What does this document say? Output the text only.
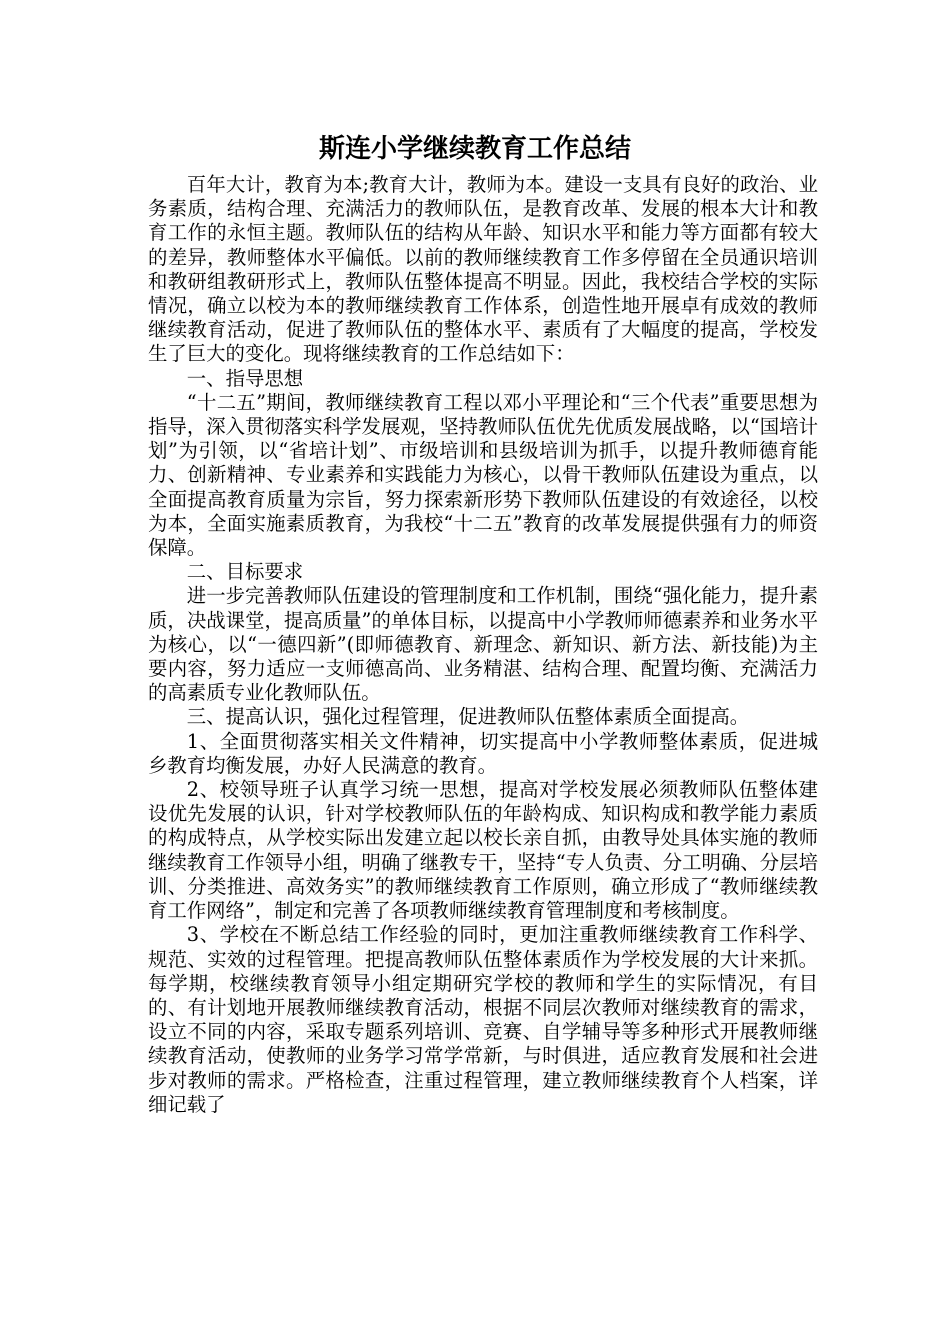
斯连小学继续教育工作总结

百年大计，教育为本;教育大计，教师为本。建设一支具有良好的政治、业务素质，结构合理、充满活力的教师队伍，是教育改革、发展的根本大计和教育工作的永恒主题。教师队伍的结构从年龄、知识水平和能力等方面都有较大的差异，教师整体水平偏低。以前的教师继续教育工作多停留在全员通识培训和教研组教研形式上，教师队伍整体提高不明显。因此，我校结合学校的实际情况，确立以校为本的教师继续教育工作体系，创造性地开展卓有成效的教师继续教育活动，促进了教师队伍的整体水平、素质有了大幅度的提高，学校发生了巨大的变化。现将继续教育的工作总结如下：

一、指导思想

“十二五”期间，教师继续教育工程以邓小平理论和“三个代表”重要思想为指导，深入贯彻落实科学发展观，坚持教师队伍优先优质发展战略，以“国培计划”为引领，以“省培计划”、市级培训和县级培训为抓手，以提升教师德育能力、创新精神、专业素养和实践能力为核心，以骨干教师队伍建设为重点，以全面提高教育质量为宗旨，努力探索新形势下教师队伍建设的有效途径，以校为本，全面实施素质教育，为我校“十二五”教育的改革发展提供强有力的师资保障。

二、目标要求

进一步完善教师队伍建设的管理制度和工作机制，围绕“强化能力，提升素质，决战课堂，提高质量”的单体目标，以提高中小学教师师德素养和业务水平为核心，以“一德四新”(即师德教育、新理念、新知识、新方法、新技能)为主要内容，努力适应一支师德高尚、业务精湛、结构合理、配置均衡、充满活力的高素质专业化教师队伍。

三、提高认识，强化过程管理，促进教师队伍整体素质全面提高。

1、全面贯彻落实相关文件精神，切实提高中小学教师整体素质，促进城乡教育均衡发展，办好人民满意的教育。

2、校领导班子认真学习统一思想，提高对学校发展必须教师队伍整体建设优先发展的认识，针对学校教师队伍的年龄构成、知识构成和教学能力素质的构成特点，从学校实际出发建立起以校长亲自抓，由教导处具体实施的教师继续教育工作领导小组，明确了继教专干，坚持“专人负责、分工明确、分层培训、分类推进、高效务实”的教师继续教育工作原则，确立形成了“教师继续教育工作网络”，制定和完善了各项教师继续教育管理制度和考核制度。

3、学校在不断总结工作经验的同时，更加注重教师继续教育工作科学、规范、实效的过程管理。把提高教师队伍整体素质作为学校发展的大计来抓。每学期，校继续教育领导小组定期研究学校的教师和学生的实际情况，有目的、有计划地开展教师继续教育活动，根据不同层次教师对继续教育的需求，设立不同的内容，采取专题系列培训、竞赛、自学辅导等多种形式开展教师继续教育活动，使教师的业务学习常学常新，与时俱进，适应教育发展和社会进步对教师的需求。严格检查，注重过程管理，建立教师继续教育个人档案，详细记载了
